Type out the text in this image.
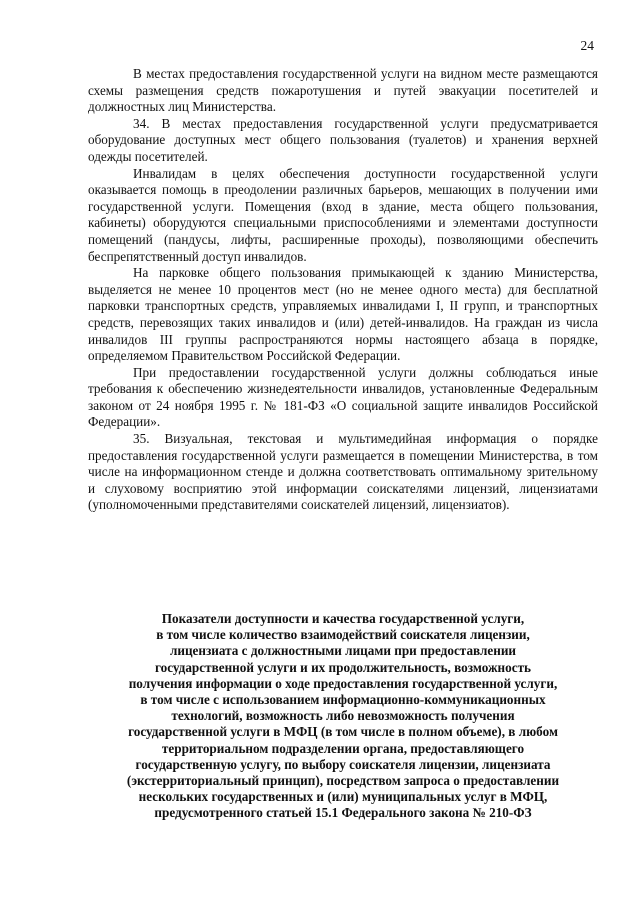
24

В местах предоставления государственной услуги на видном месте размещаются схемы размещения средств пожаротушения и путей эвакуации посетителей и должностных лиц Министерства.

34. В местах предоставления государственной услуги предусматривается оборудование доступных мест общего пользования (туалетов) и хранения верхней одежды посетителей.

Инвалидам в целях обеспечения доступности государственной услуги оказывается помощь в преодолении различных барьеров, мешающих в получении ими государственной услуги. Помещения (вход в здание, места общего пользования, кабинеты) оборудуются специальными приспособлениями и элементами доступности помещений (пандусы, лифты, расширенные проходы), позволяющими обеспечить беспрепятственный доступ инвалидов.

На парковке общего пользования примыкающей к зданию Министерства, выделяется не менее 10 процентов мест (но не менее одного места) для бесплатной парковки транспортных средств, управляемых инвалидами I, II групп, и транспортных средств, перевозящих таких инвалидов и (или) детей-инвалидов. На граждан из числа инвалидов III группы распространяются нормы настоящего абзаца в порядке, определяемом Правительством Российской Федерации.

При предоставлении государственной услуги должны соблюдаться иные требования к обеспечению жизнедеятельности инвалидов, установленные Федеральным законом от 24 ноября 1995 г. № 181-ФЗ «О социальной защите инвалидов Российской Федерации».

35. Визуальная, текстовая и мультимедийная информация о порядке предоставления государственной услуги размещается в помещении Министерства, в том числе на информационном стенде и должна соответствовать оптимальному зрительному и слуховому восприятию этой информации соискателями лицензий, лицензиатами (уполномоченными представителями соискателей лицензий, лицензиатов).

Показатели доступности и качества государственной услуги,
в том числе количество взаимодействий соискателя лицензии,
лицензиата с должностными лицами при предоставлении
государственной услуги и их продолжительность, возможность
получения информации о ходе предоставления государственной услуги,
в том числе с использованием информационно-коммуникационных
технологий, возможность либо невозможность получения
государственной услуги в МФЦ (в том числе в полном объеме), в любом
территориальном подразделении органа, предоставляющего
государственную услугу, по выбору соискателя лицензии, лицензиата
(экстерриториальный принцип), посредством запроса о предоставлении
нескольких государственных и (или) муниципальных услуг в МФЦ,
предусмотренного статьей 15.1 Федерального закона № 210-ФЗ
